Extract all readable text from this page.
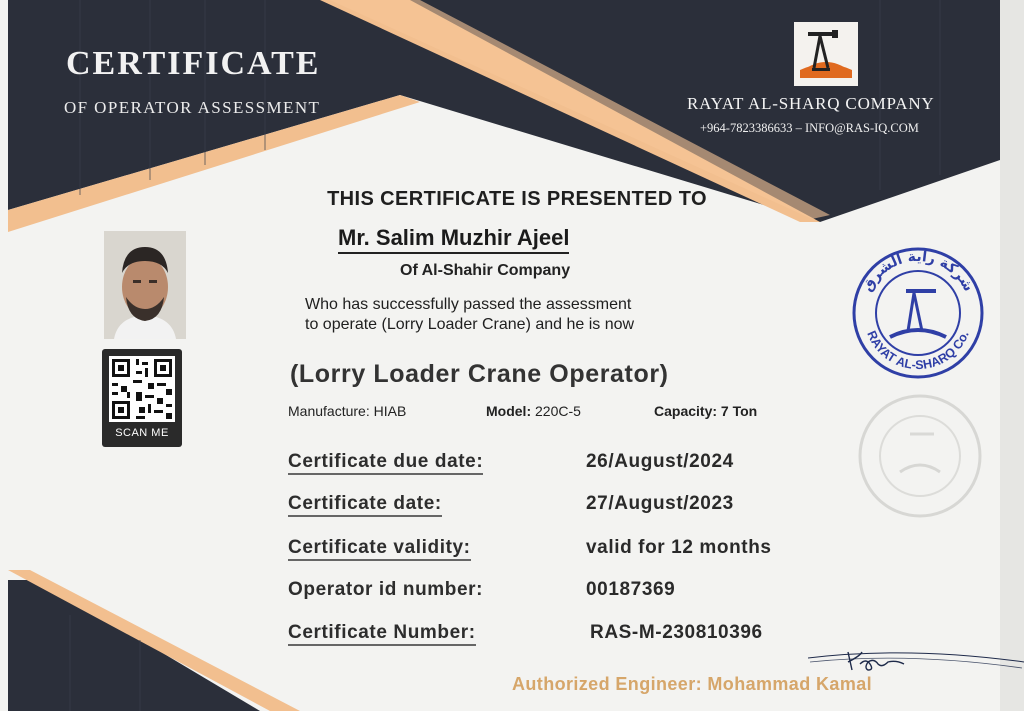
CERTIFICATE
OF OPERATOR ASSESSMENT	RAYAT AL-SHARQ COMPANY
+964-7823386633 – INFO@RAS-IQ.COM
THIS CERTIFICATE IS PRESENTED TO
Mr. Salim Muzhir Ajeel
Of Al-Shahir Company
Who has successfully passed the assessment
to operate (Lorry Loader Crane) and he is now
(Lorry Loader Crane Operator)
Manufacture: HIAB	Model: 220C-5	Capacity: 7 Ton
Certificate due date:	26/August/2024
Certificate date:	27/August/2023
Certificate validity:	valid for 12 months
Operator id number:	00187369
Certificate Number:	RAS-M-230810396
SCAN ME
شركة راية الشرق
RAYAT AL-SHARQ Co.
Authorized Engineer: Mohammad Kamal
